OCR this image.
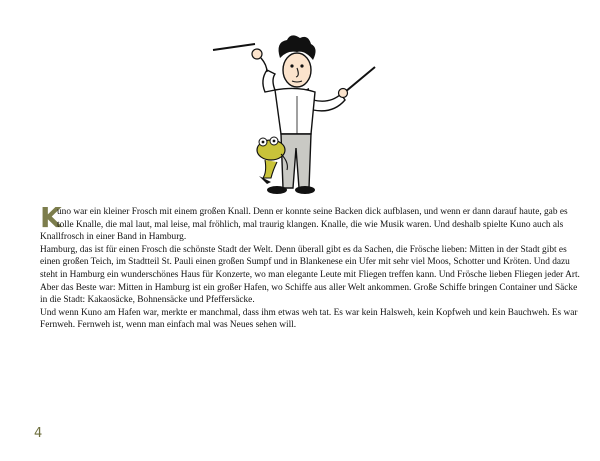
K
uno war ein kleiner Frosch mit einem großen Knall. Denn er konnte seine Backen dick aufblasen, und wenn er dann darauf haute, gab es tolle Knalle, die mal laut, mal leise, mal fröhlich, mal traurig klangen. Knalle, die wie Musik waren. Und deshalb spielte Kuno auch als Knallfrosch in einer Band in Hamburg.

Hamburg, das ist für einen Frosch die schönste Stadt der Welt. Denn überall gibt es da Sachen, die Frösche lieben: Mitten in der Stadt gibt es einen großen Teich, im Stadtteil St. Pauli einen großen Sumpf und in Blankenese ein Ufer mit sehr viel Moos, Schotter und Kröten. Und dazu steht in Hamburg ein wunderschönes Haus für Konzerte, wo man elegante Leute mit Fliegen treffen kann. Und Frösche lieben Fliegen jeder Art. Aber das Beste war: Mitten in Hamburg ist ein großer Hafen, wo Schiffe aus aller Welt ankommen. Große Schiffe bringen Container und Säcke in die Stadt: Kakaosäcke, Bohnensäcke und Pfeffersäcke.

Und wenn Kuno am Hafen war, merkte er manchmal, dass ihm etwas weh tat. Es war kein Halsweh, kein Kopfweh und kein Bauchweh. Es war Fernweh. Fernweh ist, wenn man einfach mal was Neues sehen will.

4
